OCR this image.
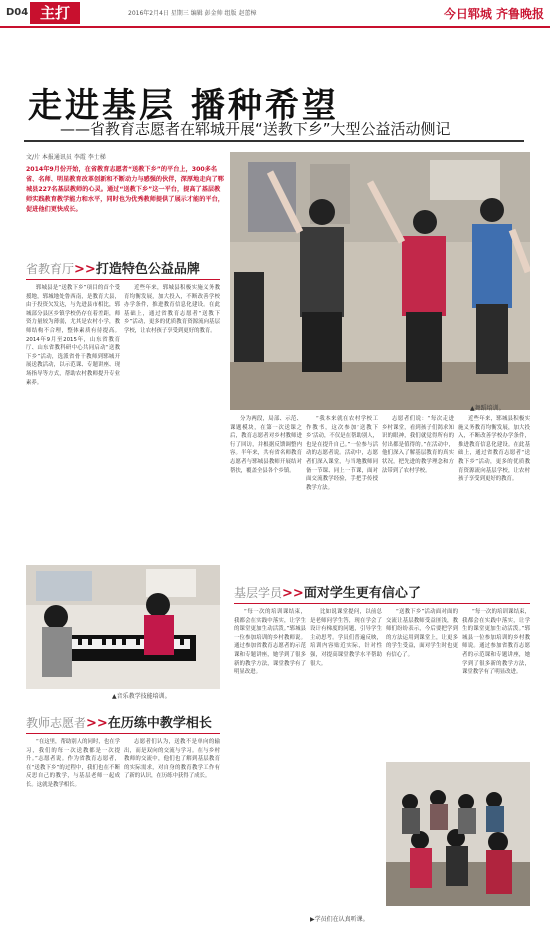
D04 主打	2016年2月4日 星期三 编辑 彭金帅 组版 赵蕾樟	今日郓城 齐鲁晚报
走进基层 播种希望
——省教育志愿者在郓城开展“送教下乡”大型公益活动侧记
文/片 本报通讯员 李霞 李士梯
2014年9月份开始，在省教育志愿者“送教下乡”的平台上，300多名省、名师、明星教育改革创新和不断动力与感强的伙伴，深厚地走向了郓城县227名基层教师的心灵。通过“送教下乡”这一平台，提高了基层教师实践教育教学能力和水平，同时也为优秀教师提供了展示才能的平台，促进他们更快成长。
省教育厅>>打造特色公益品牌
郓城县是“送教下乡”项目的首个受援地，郓城地处鲁西南，是教育大县，由于投资欠发达，与先进县市相比，郓城部分县区乡镇学校仍存在着差距，师资力量较为薄弱，尤其是农村小学，教师结构不合理，整体素质有待提高。2014年9月至2015年，山东省教育厅、山东省教科研中心共同启动“送教下乡”活动，选派省骨干教师到郓城开展送教活动，以示范课、专题讲座、现场指导等方式，帮助农村教师提升专业素养。
近些年来，郓城县积极实施义务教育均衡发展，加大投入，不断改善学校办学条件，推进教育信息化建设。在此基础上，通过省教育志愿者“送教下乡”活动，更多的优质教育资源流向基层学校，让农村孩子享受到更好的教育。
▲舞蹈培训。
分为两段，局部、示范、课题模块，在第一次送课之后，教育志愿者对乡村教师进行了回访，并根据反馈调整内容。半年来，共有省名师教育志愿者与郓城县教师开展结对帮扶，覆盖全县各个乡镇。
“我本来就在农村学校工作教书，这次参加‘送教下乡’活动，不仅是在帮助别人，也是在提升自己。”一位参与活动的志愿者说。活动中，志愿者们深入课堂，与当地教师同备一节课、同上一节课，面对面交流教学经验，手把手传授教学方法。
志愿者们说：“每次走进乡村课堂，看到孩子们渴求知识的眼神，我们就觉得所有的付出都是值得的。”在活动中，他们深入了解基层教育的真实状况，把先进的教学理念和方法带到了农村学校。
近些年来，郓城县积极实施义务教育均衡发展，加大投入，不断改善学校办学条件，推进教育信息化建设。在此基础上，通过省教育志愿者“送教下乡”活动，更多的优质教育资源流向基层学校，让农村孩子享受到更好的教育。
▲音乐教学技能培训。
基层学员>>面对学生更有信心了
“每一次的培训课结束，我都会在实践中落实，让学生的课堂更加生动活泼。”郓城县一位参加培训的乡村教师说。通过参加省教育志愿者的示范课和专题讲座，她学到了很多新的教学方法，课堂教学有了明显改进。
比如说课堂提问，以前总是老师问学生答，现在学会了设计有梯度的问题，引导学生主动思考。学员们普遍反映，培训内容贴近实际，针对性强，对提高课堂教学水平帮助很大。
“送教下乡”活动面对面的交流让基层教师受益匪浅，教师们纷纷表示，今后要把学到的方法运用到课堂上，让更多的学生受益，面对学生时也更有信心了。
“每一次的培训课结束，我都会在实践中落实，让学生的课堂更加生动活泼。”郓城县一位参加培训的乡村教师说。通过参加省教育志愿者的示范课和专题讲座，她学到了很多新的教学方法，课堂教学有了明显改进。
教师志愿者>>在历练中教学相长
“在这里，帮助别人的同时，也在学习，我们的每一次送教都是一次提升。”志愿者说。作为省教育志愿者，在“送教下乡”的过程中，我们也在不断反思自己的教学，与基层老师一起成长。这就是教学相长。
志愿者们认为，送教不是单向的输出，而是双向的交流与学习。在与乡村教师的交流中，他们也了解到基层教育的实际需求，对自身的教育教学工作有了新的认识，在历练中获得了成长。
▶学员们在认真听课。
